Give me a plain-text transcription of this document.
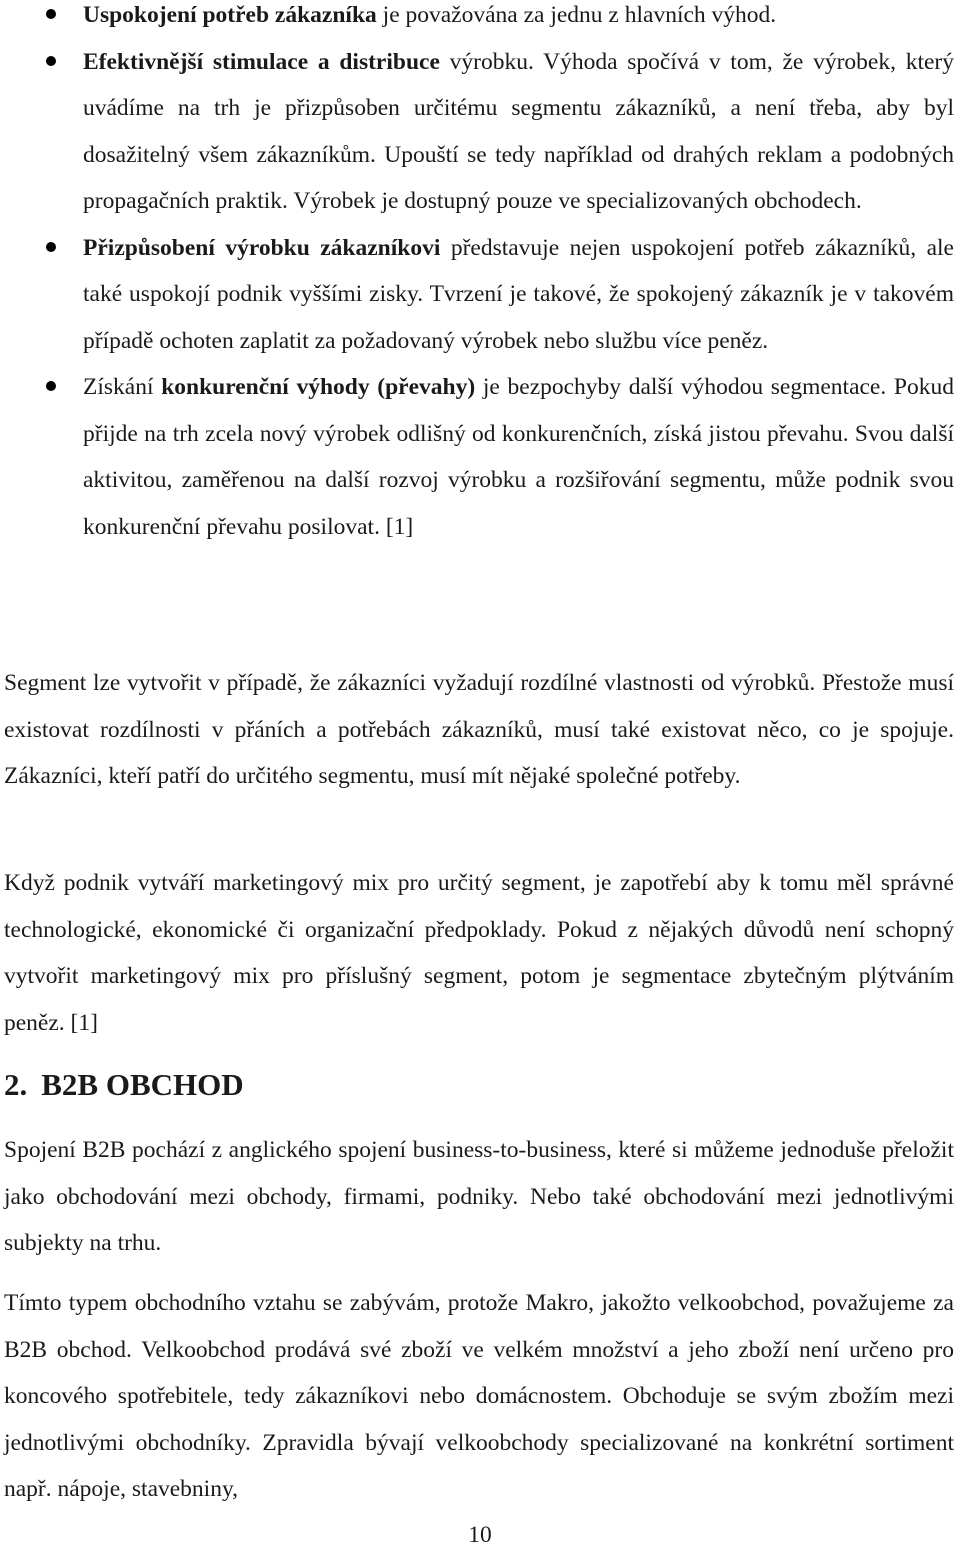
Uspokojení potřeb zákazníka je považována za jednu z hlavních výhod.
Efektivnější stimulace a distribuce výrobku. Výhoda spočívá v tom, že výrobek, který uvádíme na trh je přizpůsoben určitému segmentu zákazníků, a není třeba, aby byl dosažitelný všem zákazníkům. Upouští se tedy například od drahých reklam a podobných propagačních praktik. Výrobek je dostupný pouze ve specializovaných obchodech.
Přizpůsobení výrobku zákazníkovi představuje nejen uspokojení potřeb zákazníků, ale také uspokojí podnik vyššími zisky. Tvrzení je takové, že spokojený zákazník je v takovém případě ochoten zaplatit za požadovaný výrobek nebo službu více peněz.
Získání konkurenční výhody (převahy) je bezpochyby další výhodou segmentace. Pokud přijde na trh zcela nový výrobek odlišný od konkurenčních, získá jistou převahu. Svou další aktivitou, zaměřenou na další rozvoj výrobku a rozšiřování segmentu, může podnik svou konkurenční převahu posilovat. [1]

Segment lze vytvořit v případě, že zákazníci vyžadují rozdílné vlastnosti od výrobků. Přestože musí existovat rozdílnosti v přáních a potřebách zákazníků, musí také existovat něco, co je spojuje. Zákazníci, kteří patří do určitého segmentu, musí mít nějaké společné potřeby.

Když podnik vytváří marketingový mix pro určitý segment, je zapotřebí aby k tomu měl správné technologické, ekonomické či organizační předpoklady. Pokud z nějakých důvodů není schopný vytvořit marketingový mix pro příslušný segment, potom je segmentace zbytečným plýtváním peněz. [1]

2. B2B OBCHOD

Spojení B2B pochází z anglického spojení business-to-business, které si můžeme jednoduše přeložit jako obchodování mezi obchody, firmami, podniky. Nebo také obchodování mezi jednotlivými subjekty na trhu.

Tímto typem obchodního vztahu se zabývám, protože Makro, jakožto velkoobchod, považujeme za B2B obchod. Velkoobchod prodává své zboží ve velkém množství a jeho zboží není určeno pro koncového spotřebitele, tedy zákazníkovi nebo domácnostem. Obchoduje se svým zbožím mezi jednotlivými obchodníky. Zpravidla bývají velkoobchody specializované na konkrétní sortiment např. nápoje, stavebniny,

10
